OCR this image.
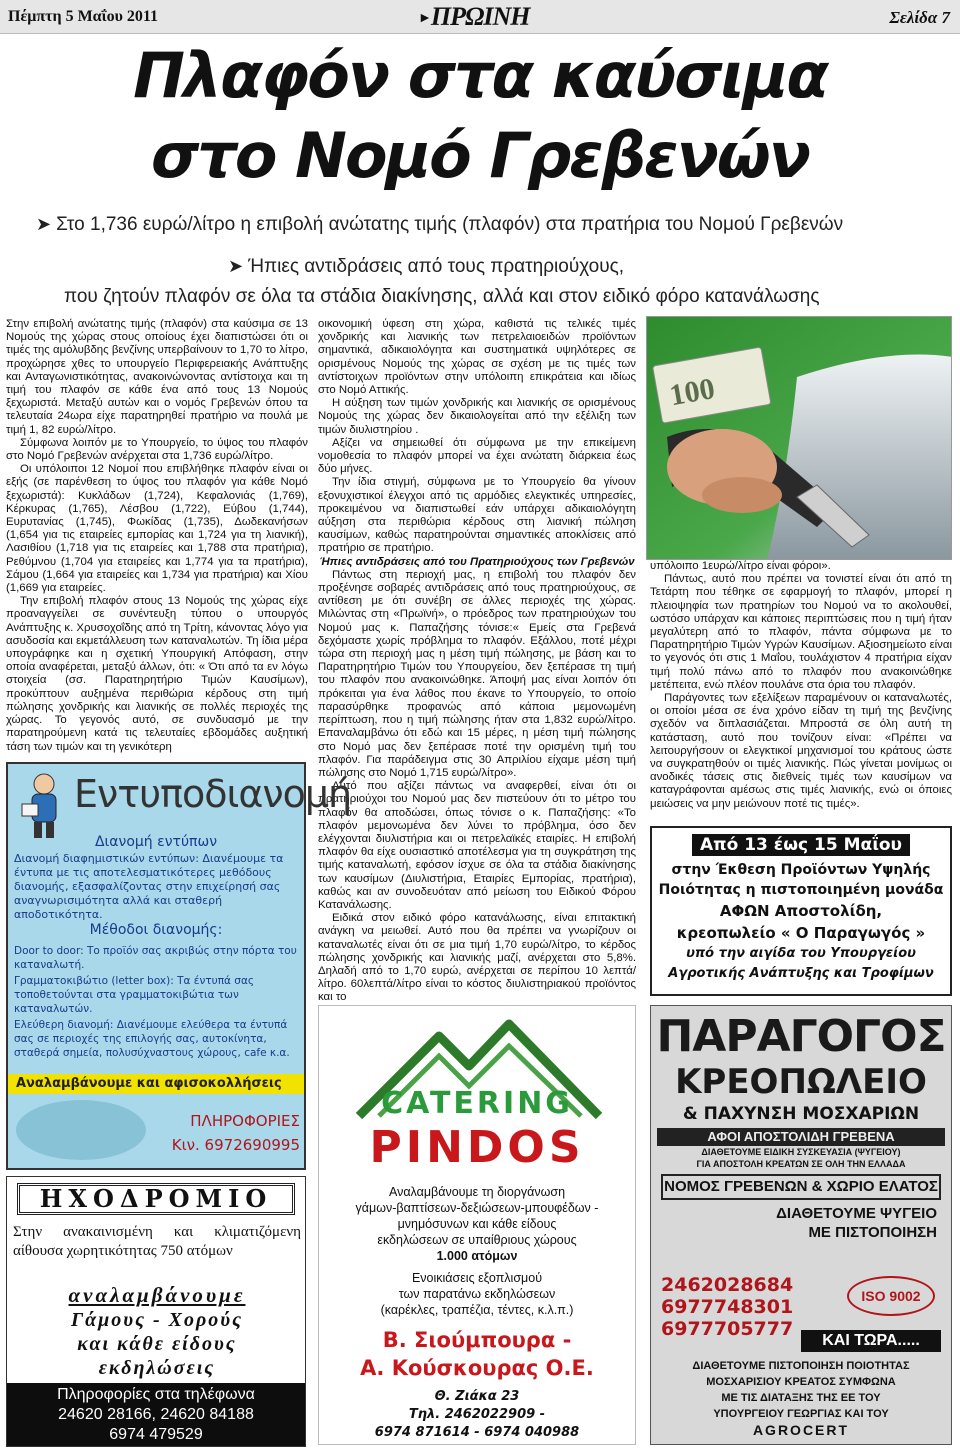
Πέμπτη 5 Μαΐου 2011	►ΠΡΩΙΝΗ	Σελίδα 7
Πλαφόν στα καύσιμα
στο Νομό Γρεβενών
➤ Στο 1,736 ευρώ/λίτρο η επιβολή ανώτατης τιμής (πλαφόν) στα πρατήρια του Νομού Γρεβενών
➤ Ήπιες αντιδράσεις από τους πρατηριούχους,
που ζητούν πλαφόν σε όλα τα στάδια διακίνησης, αλλά και στον ειδικό φόρο κατανάλωσης

Στην επιβολή ανώτατης τιμής (πλαφόν) στα καύσιμα σε 13 Νομούς της χώρας στους οποίους έχει διαπιστώσει ότι οι τιμές της αμόλυβδης βενζίνης υπερβαίνουν το 1,70 το λίτρο, προχώρησε χθες το υπουργείο Περιφερειακής Ανάπτυξης και Ανταγωνιστικότητας, ανακοινώνοντας αντίστοιχα και τη τιμή του πλαφόν σε κάθε ένα από τους 13 Νομούς ξεχωριστά. Μεταξύ αυτών και ο νομός Γρεβενών όπου τα τελευταία 24ωρα είχε παρατηρηθεί πρατήριο να πουλά με τιμή 1, 82 ευρώ/λίτρο.

Σύμφωνα λοιπόν με το Υπουργείο, το ύψος του πλαφόν στο Νομό Γρεβενών ανέρχεται στα 1,736 ευρώ/λίτρο.

Οι υπόλοιποι 12 Νομοί που επιβλήθηκε πλαφόν είναι οι εξής (σε παρένθεση το ύψος του πλαφόν για κάθε Νομό ξεχωριστά): Κυκλάδων (1,724), Κεφαλονιάς (1,769), Κέρκυρας (1,765), Λέσβου (1,722), Εύβου (1,744), Ευρυτανίας (1,745), Φωκίδας (1,735), Δωδεκανήσων (1,654 για τις εταιρείες εμπορίας και 1,724 για τη λιανική), Λασιθίου (1,718 για τις εταιρείες και 1,788 στα πρατήρια), Ρεθύμνου (1,704 για εταιρείες και 1,774 για τα πρατήρια), Σάμου (1,664 για εταιρείες και 1,734 για πρατήρια) και Χίου (1,669 για εταιρείες.

Την επιβολή πλαφόν στους 13 Νομούς της χώρας είχε προαναγγείλει σε συνέντευξη τύπου ο υπουργός Ανάπτυξης κ. Χρυσοχοΐδης από τη Τρίτη, κάνοντας λόγο για ασυδοσία και εκμετάλλευση των καταναλωτών. Τη ίδια μέρα υπογράφηκε και η σχετική Υπουργική Απόφαση, στην οποία αναφέρεται, μεταξύ άλλων, ότι: « Ότι από τα εν λόγω στοιχεία (σσ. Παρατηρητήριο Τιμών Καυσίμων), προκύπτουν αυξημένα περιθώρια κέρδους στη τιμή πώλησης χονδρικής και λιανικής σε πολλές περιοχές της χώρας. Το γεγονός αυτό, σε συνδυασμό με την παρατηρούμενη κατά τις τελευταίες εβδομάδες αυξητική τάση των τιμών και τη γενικότερη

οικονομική ύφεση στη χώρα, καθιστά τις τελικές τιμές χονδρικής και λιανικής των πετρελαιοειδών προϊόντων σημαντικά, αδικαιολόγητα και συστηματικά υψηλότερες σε ορισμένους Νομούς της χώρας σε σχέση με τις τιμές των αντίστοιχων προϊόντων στην υπόλοιπη επικράτεια και ιδίως στο Νομό Αττικής.

Η αύξηση των τιμών χονδρικής και λιανικής σε ορισμένους Νομούς της χώρας δεν δικαιολογείται από την εξέλιξη των τιμών διυλιστηρίου .

Αξίζει να σημειωθεί ότι σύμφωνα με την επικείμενη νομοθεσία το πλαφόν μπορεί να έχει ανώτατη διάρκεια έως δύο μήνες.

Την ίδια στιγμή, σύμφωνα με το Υπουργείο θα γίνουν εξονυχιστικοί έλεγχοι από τις αρμόδιες ελεγκτικές υπηρεσίες, προκειμένου να διαπιστωθεί εάν υπάρχει αδικαιολόγητη αύξηση στα περιθώρια κέρδους στη λιανική πώληση καυσίμων, καθώς παρατηρούνται σημαντικές αποκλίσεις από πρατήριο σε πρατήριο.

Ήπιες αντιδράσεις από του Πρατηριούχους των Γρεβενών

Πάντως στη περιοχή μας, η επιβολή του πλαφόν δεν προξένησε σοβαρές αντιδράσεις από τους πρατηριούχους, σε αντίθεση με ότι συνέβη σε άλλες περιοχές της χώρας. Μιλώντας στη «Πρωϊνή», ο πρόεδρος των πρατηριούχων του Νομού μας κ. Παπαζήσης τόνισε:« Εμείς στα Γρεβενά δεχόμαστε χωρίς πρόβλημα το πλαφόν. Εξάλλου, ποτέ μέχρι τώρα στη περιοχή μας η μέση τιμή πώλησης, με βάση και το Παρατηρητήριο Τιμών του Υπουργείου, δεν ξεπέρασε τη τιμή του πλαφόν που ανακοινώθηκε. Άποψή μας είναι λοιπόν ότι πρόκειται για ένα λάθος που έκανε το Υπουργείο, το οποίο παρασύρθηκε προφανώς από κάποια μεμονωμένη περίπτωση, που η τιμή πώλησης ήταν στα 1,832 ευρώ/λίτρο. Επαναλαμβάνω ότι εδώ και 15 μέρες, η μέση τιμή πώλησης στο Νομό μας δεν ξεπέρασε ποτέ την ορισμένη τιμή του πλαφόν. Για παράδειγμα στις 30 Απριλίου είχαμε μέση τιμή πώλησης στο Νομό 1,715 ευρώ/λίτρο».

Αυτό που αξίζει πάντως να αναφερθεί, είναι ότι οι πρατηριούχοι του Νομού μας δεν πιστεύουν ότι το μέτρο του πλαφόν θα αποδώσει, όπως τόνισε ο κ. Παπαζήσης: «Το πλαφόν μεμονωμένα δεν λύνει το πρόβλημα, όσο δεν ελέγχονται διυλιστήρια και οι πετρελαϊκές εταιρίες. Η επιβολή πλαφόν θα είχε ουσιαστικό αποτέλεσμα για τη συγκράτηση της τιμής καταναλωτή, εφόσον ίσχυε σε όλα τα στάδια διακίνησης των καυσίμων (Διυλιστήρια, Εταιρίες Εμπορίας, πρατήρια), καθώς και αν συνοδευόταν από μείωση του Ειδικού Φόρου Κατανάλωσης.

Ειδικά στον ειδικό φόρο κατανάλωσης, είναι επιτακτική ανάγκη να μειωθεί. Αυτό που θα πρέπει να γνωρίζουν οι καταναλωτές είναι ότι σε μια τιμή 1,70 ευρώ/λίτρο, το κέρδος πώλησης χονδρικής και λιανικής μαζί, ανέρχεται στο 5,8%. Δηλαδή από το 1,70 ευρώ, ανέρχεται σε περίπου 10 λεπτά/λίτρο. 60λεπτά/λίτρο είναι το κόστος διυλιστηριακού προϊόντος και το

100

υπόλοιπο 1ευρώ/λίτρο είναι φόροι».

Πάντως, αυτό που πρέπει να τονιστεί είναι ότι από τη Τετάρτη που τέθηκε σε εφαρμογή το πλαφόν, μπορεί η πλειοψηφία των πρατηρίων του Νομού να το ακολουθεί, ωστόσο υπάρχαν και κάποιες περιπτώσεις που η τιμή ήταν μεγαλύτερη από το πλαφόν, πάντα σύμφωνα με το Παρατηρητήριο Τιμών Υγρών Καυσίμων. Αξιοσημείωτο είναι το γεγονός ότι στις 1 Μαΐου, τουλάχιστον 4 πρατήρια είχαν τιμή πολύ πάνω από το πλαφόν που ανακοινώθηκε μετέπειτα, ενώ πλέον πουλάνε στα όρια του πλαφόν.

Παράγοντες των εξελίξεων παραμένουν οι καταναλωτές, οι οποίοι μέσα σε ένα χρόνο είδαν τη τιμή της βενζίνης σχεδόν να διπλασιάζεται. Μπροστά σε όλη αυτή τη κατάσταση, αυτό που τονίζουν είναι: «Πρέπει να λειτουργήσουν οι ελεγκτικοί μηχανισμοί του κράτους ώστε να συγκρατηθούν οι τιμές λιανικής. Πώς γίνεται μονίμως οι ανοδικές τάσεις στις διεθνείς τιμές των καυσίμων να καταγράφονται αμέσως στις τιμές λιανικής, ενώ οι όποιες μειώσεις να μην μειώνουν ποτέ τις τιμές».

Εντυποδιανομή
Διανομή εντύπων
Διανομή διαφημιστικών εντύπων: Διανέμουμε τα έντυπα με τις αποτελεσματικότερες μεθόδους διανομής, εξασφαλίζοντας στην επιχείρησή σας αναγνωρισιμότητα αλλά και σταθερή αποδοτικότητα.
Μέθοδοι διανομής:
Door to door: Το προϊόν σας ακριβώς στην πόρτα του καταναλωτή.
Γραμματοκιβώτιο (letter box): Τα έντυπά σας τοποθετούνται στα γραμματοκιβώτια των καταναλωτών.
Ελεύθερη διανομή: Διανέμουμε ελεύθερα τα έντυπά σας σε περιοχές της επιλογής σας, αυτοκίνητα, σταθερά σημεία, πολυσύχναστους χώρους, cafe κ.α.
Αναλαμβάνουμε και αφισοκολλήσεις
ΠΛΗΡΟΦΟΡΙΕΣ
Κιν. 6972690995
ΗΧΟΔΡΟΜΙΟ
Στην ανακαινισμένη και κλιματιζόμενη αίθουσα χωρητικότητας 750 ατόμων
αναλαμβάνουμε
Γάμους - Χορούς
και κάθε είδους
εκδηλώσεις
Πληροφορίες στα τηλέφωνα
24620 28166, 24620 84188
6974 479529
Από 13 έως 15 Μαΐου
στην Έκθεση Προϊόντων Υψηλής
Ποιότητας η πιστοποιημένη μονάδα
ΑΦΩΝ Αποστολίδη,
κρεοπωλείο « Ο Παραγωγός »
υπό την αιγίδα του Υπουργείου
Αγροτικής Ανάπτυξης και Τροφίμων
CATERING
PINDOS
Αναλαμβάνουμε τη διοργάνωση
γάμων-βαπτίσεων-δεξιώσεων-μπουφέδων -
μνημόσυνων και κάθε είδους
εκδηλώσεων σε υπαίθριους χώρους
1.000 ατόμων
Ενοικιάσεις εξοπλισμού
των παρατάνω εκδηλώσεων
(καρέκλες, τραπέζια, τέντες, κ.λ.π.)
Β. Σιούμπουρα -
Α. Κούσκουρας Ο.Ε.
Θ. Ζιάκα 23
Τηλ. 2462022909 -
6974 871614 - 6974 040988
ΠΑΡΑΓΟΓΟΣ
ΚΡΕΟΠΩΛΕΙΟ
& ΠΑΧΥΝΣΗ ΜΟΣΧΑΡΙΩΝ
ΑΦΟΙ ΑΠΟΣΤΟΛΙΔΗ ΓΡΕΒΕΝΑ
ΔΙΑΘΕΤΟΥΜΕ ΕΙΔΙΚΗ ΣΥΣΚΕΥΑΣΙΑ (ΨΥΓΕΙΟΥ)
ΓΙΑ ΑΠΟΣΤΟΛΗ ΚΡΕΑΤΩΝ ΣΕ ΟΛΗ ΤΗΝ ΕΛΛΑΔΑ
ΝΟΜΟΣ ΓΡΕΒΕΝΩΝ & ΧΩΡΙΟ ΕΛΑΤΟΣ
ΔΙΑΘΕΤΟΥΜΕ ΨΥΓΕΙΟ
ΜΕ ΠΙΣΤΟΠΟΙΗΣΗ
2462028684
6977748301
6977705777
ISO 9002
ΚΑΙ ΤΩΡΑ.....
ΔΙΑΘΕΤΟΥΜΕ ΠΙΣΤΟΠΟΙΗΣΗ ΠΟΙΟΤΗΤΑΣ
ΜΟΣΧΑΡΙΣΙΟΥ ΚΡΕΑΤΟΣ ΣΥΜΦΩΝΑ
ΜΕ ΤΙΣ ΔΙΑΤΑΞΗΣ ΤΗΣ ΕΕ ΤΟΥ
ΥΠΟΥΡΓΕΙΟΥ ΓΕΩΡΓΙΑΣ ΚΑΙ ΤΟΥ
AGROCERT
